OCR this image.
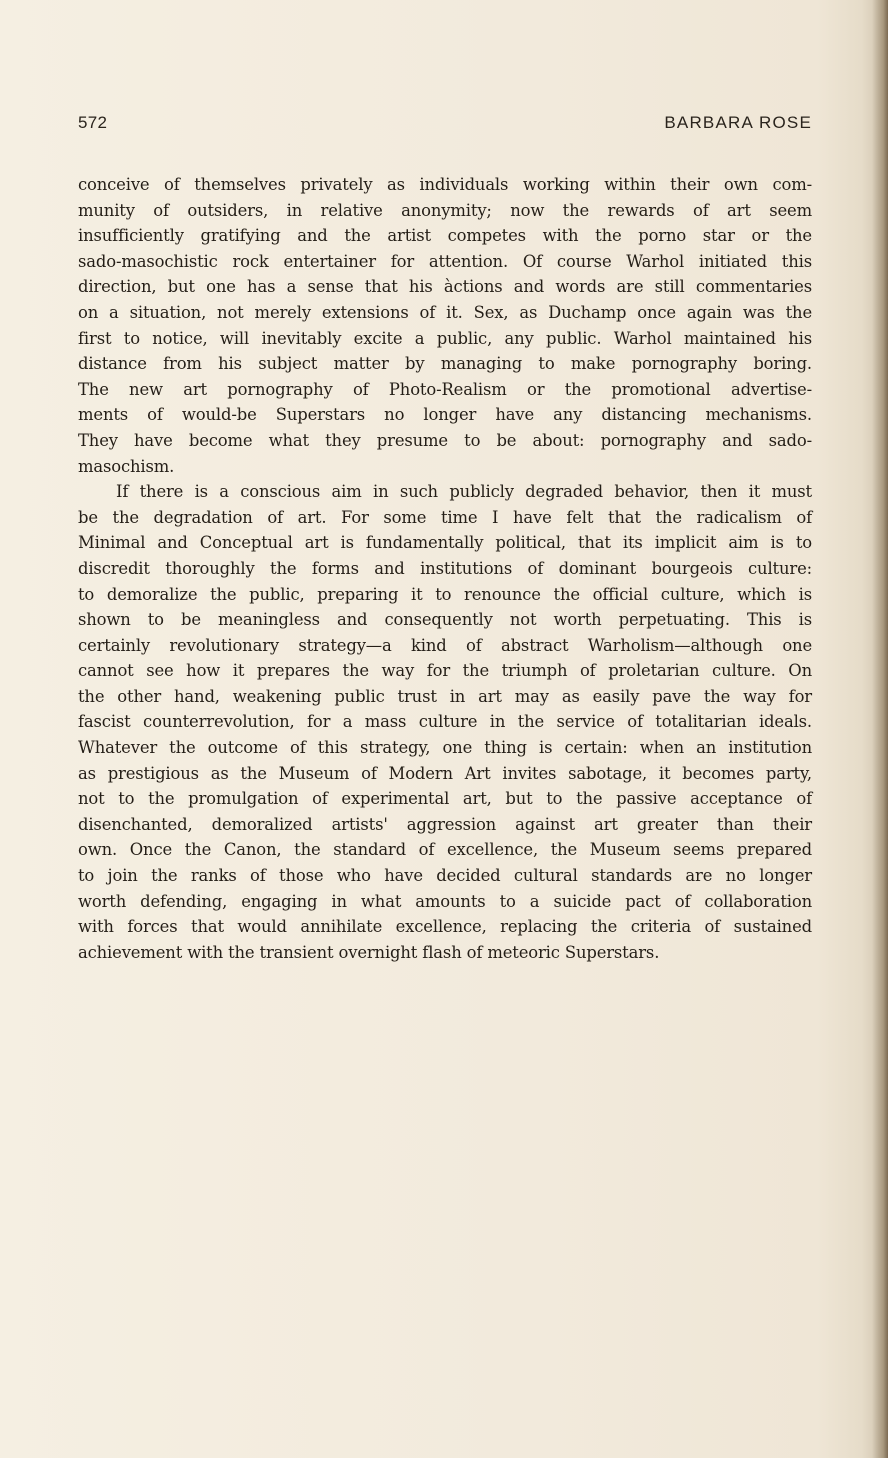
572	BARBARA ROSE
conceive of themselves privately as individuals working within their own com-
munity of outsiders, in relative anonymity; now the rewards of art seem
insufficiently gratifying and the artist competes with the porno star or the
sado-masochistic rock entertainer for attention. Of course Warhol initiated this
direction, but one has a sense that his àctions and words are still commentaries
on a situation, not merely extensions of it. Sex, as Duchamp once again was the
first to notice, will inevitably excite a public, any public. Warhol maintained his
distance from his subject matter by managing to make pornography boring.
The new art pornography of Photo-Realism or the promotional advertise-
ments of would-be Superstars no longer have any distancing mechanisms.
They have become what they presume to be about: pornography and sado-
masochism.
If there is a conscious aim in such publicly degraded behavior, then it must
be the degradation of art. For some time I have felt that the radicalism of
Minimal and Conceptual art is fundamentally political, that its implicit aim is to
discredit thoroughly the forms and institutions of dominant bourgeois culture:
to demoralize the public, preparing it to renounce the official culture, which is
shown to be meaningless and consequently not worth perpetuating. This is
certainly revolutionary strategy—a kind of abstract Warholism—although one
cannot see how it prepares the way for the triumph of proletarian culture. On
the other hand, weakening public trust in art may as easily pave the way for
fascist counterrevolution, for a mass culture in the service of totalitarian ideals.
Whatever the outcome of this strategy, one thing is certain: when an institution
as prestigious as the Museum of Modern Art invites sabotage, it becomes party,
not to the promulgation of experimental art, but to the passive acceptance of
disenchanted, demoralized artists' aggression against art greater than their
own. Once the Canon, the standard of excellence, the Museum seems prepared
to join the ranks of those who have decided cultural standards are no longer
worth defending, engaging in what amounts to a suicide pact of collaboration
with forces that would annihilate excellence, replacing the criteria of sustained
achievement with the transient overnight flash of meteoric Superstars.
